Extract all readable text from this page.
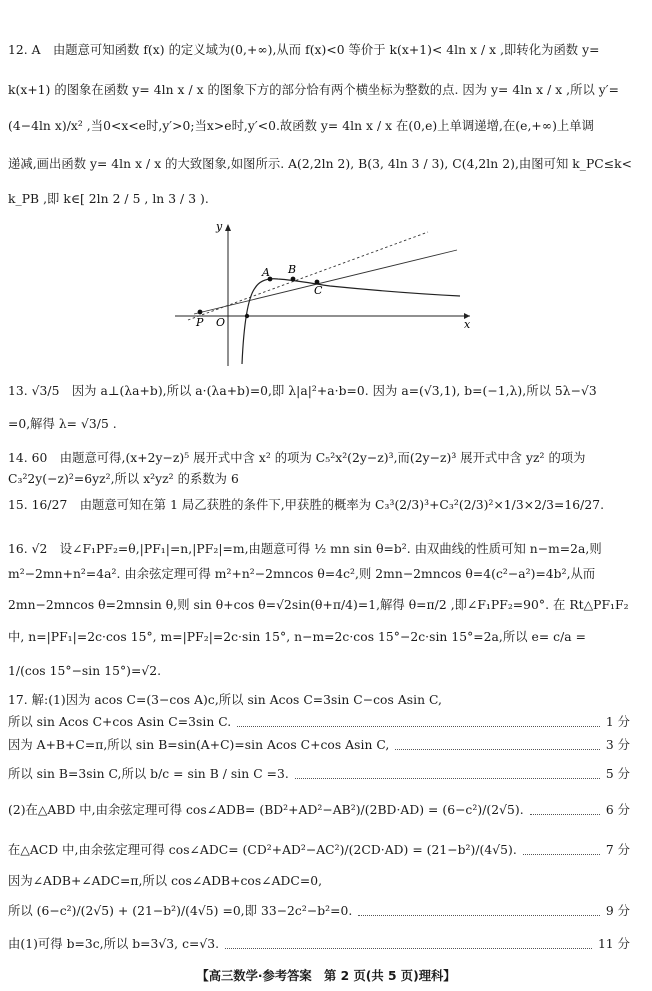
12. A　由题意可知函数 f(x) 的定义域为(0,+∞),从而 f(x)<0 等价于 k(x+1)< 4ln x / x ,即转化为函数 y=
k(x+1) 的图象在函数 y= 4ln x / x 的图象下方的部分恰有两个横坐标为整数的点. 因为 y= 4ln x / x ,所以 y′=
(4−4ln x)/x² ,当0<x<e时,y′>0;当x>e时,y′<0.故函数 y= 4ln x / x 在(0,e)上单调递增,在(e,+∞)上单调
递减,画出函数 y= 4ln x / x 的大致图象,如图所示. A(2,2ln 2), B(3, 4ln 3 / 3), C(4,2ln 2),由图可知 k_PC≤k<
k_PB ,即 k∈[ 2ln 2 / 5 , ln 3 / 3 ).
y
x
O
P
A B
C
13. √3/5　因为 a⊥(λa+b),所以 a·(λa+b)=0,即 λ|a|²+a·b=0. 因为 a=(√3,1), b=(−1,λ),所以 5λ−√3
=0,解得 λ= √3/5 .
14. 60　由题意可得,(x+2y−z)⁵ 展开式中含 x² 的项为 C₅²x²(2y−z)³,而(2y−z)³ 展开式中含 yz² 的项为
C₃²2y(−z)²=6yz²,所以 x²yz² 的系数为 6
15. 16/27　由题意可知在第 1 局乙获胜的条件下,甲获胜的概率为 C₃³(2/3)³+C₃²(2/3)²×1/3×2/3=16/27.
16. √2　设∠F₁PF₂=θ,|PF₁|=n,|PF₂|=m,由题意可得 ½ mn sin θ=b². 由双曲线的性质可知 n−m=2a,则
m²−2mn+n²=4a². 由余弦定理可得 m²+n²−2mncos θ=4c²,则 2mn−2mncos θ=4(c²−a²)=4b²,从而
2mn−2mncos θ=2mnsin θ,则 sin θ+cos θ=√2sin(θ+π/4)=1,解得 θ=π/2 ,即∠F₁PF₂=90°. 在 Rt△PF₁F₂
中, n=|PF₁|=2c·cos 15°, m=|PF₂|=2c·sin 15°, n−m=2c·cos 15°−2c·sin 15°=2a,所以 e= c/a =
1/(cos 15°−sin 15°)=√2.
17. 解:(1)因为 acos C=(3−cos A)c,所以 sin Acos C=3sin C−cos Asin C,
所以 sin Acos C+cos Asin C=3sin C.	1 分
因为 A+B+C=π,所以 sin B=sin(A+C)=sin Acos C+cos Asin C,	3 分
所以 sin B=3sin C,所以 b/c = sin B / sin C =3.	5 分
(2)在△ABD 中,由余弦定理可得 cos∠ADB= (BD²+AD²−AB²)/(2BD·AD) = (6−c²)/(2√5).	6 分
在△ACD 中,由余弦定理可得 cos∠ADC= (CD²+AD²−AC²)/(2CD·AD) = (21−b²)/(4√5).	7 分
因为∠ADB+∠ADC=π,所以 cos∠ADB+cos∠ADC=0,
所以 (6−c²)/(2√5) + (21−b²)/(4√5) =0,即 33−2c²−b²=0.	9 分
由(1)可得 b=3c,所以 b=3√3, c=√3.	11 分
【高三数学·参考答案　第 2 页(共 5 页)理科】
